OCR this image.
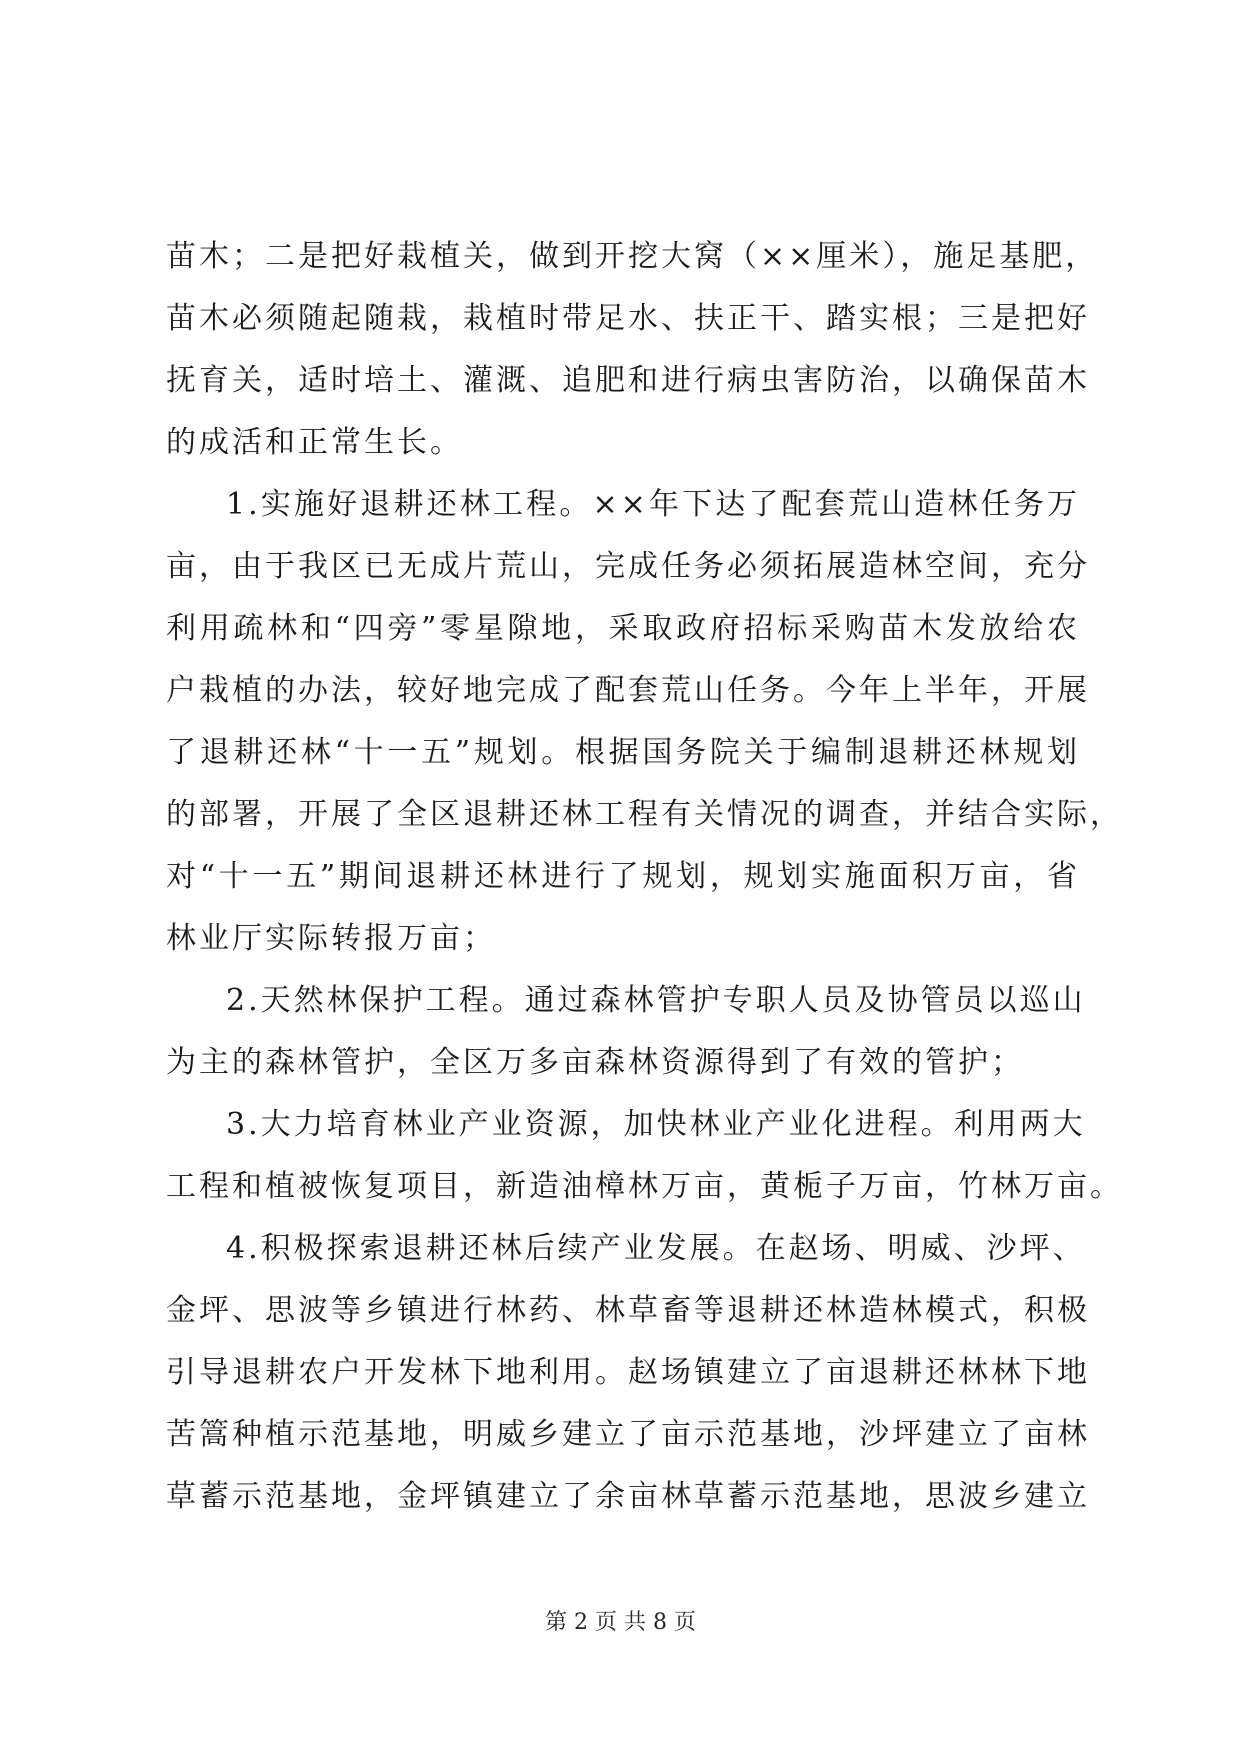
苗木；二是把好栽植关，做到开挖大窝（××厘米），施足基肥，
苗木必须随起随栽，栽植时带足水、扶正干、踏实根；三是把好
抚育关，适时培土、灌溉、追肥和进行病虫害防治，以确保苗木
的成活和正常生长。
1.实施好退耕还林工程。××年下达了配套荒山造林任务万
亩，由于我区已无成片荒山，完成任务必须拓展造林空间，充分
利用疏林和“四旁”零星隙地，采取政府招标采购苗木发放给农
户栽植的办法，较好地完成了配套荒山任务。今年上半年，开展
了退耕还林“十一五”规划。根据国务院关于编制退耕还林规划
的部署，开展了全区退耕还林工程有关情况的调查，并结合实际，
对“十一五”期间退耕还林进行了规划，规划实施面积万亩，省
林业厅实际转报万亩；
2.天然林保护工程。通过森林管护专职人员及协管员以巡山
为主的森林管护，全区万多亩森林资源得到了有效的管护；
3.大力培育林业产业资源，加快林业产业化进程。利用两大
工程和植被恢复项目，新造油樟林万亩，黄栀子万亩，竹林万亩。
4.积极探索退耕还林后续产业发展。在赵场、明威、沙坪、
金坪、思波等乡镇进行林药、林草畜等退耕还林造林模式，积极
引导退耕农户开发林下地利用。赵场镇建立了亩退耕还林林下地
苦篙种植示范基地，明威乡建立了亩示范基地，沙坪建立了亩林
草蓄示范基地，金坪镇建立了余亩林草蓄示范基地，思波乡建立
第 2 页 共 8 页
